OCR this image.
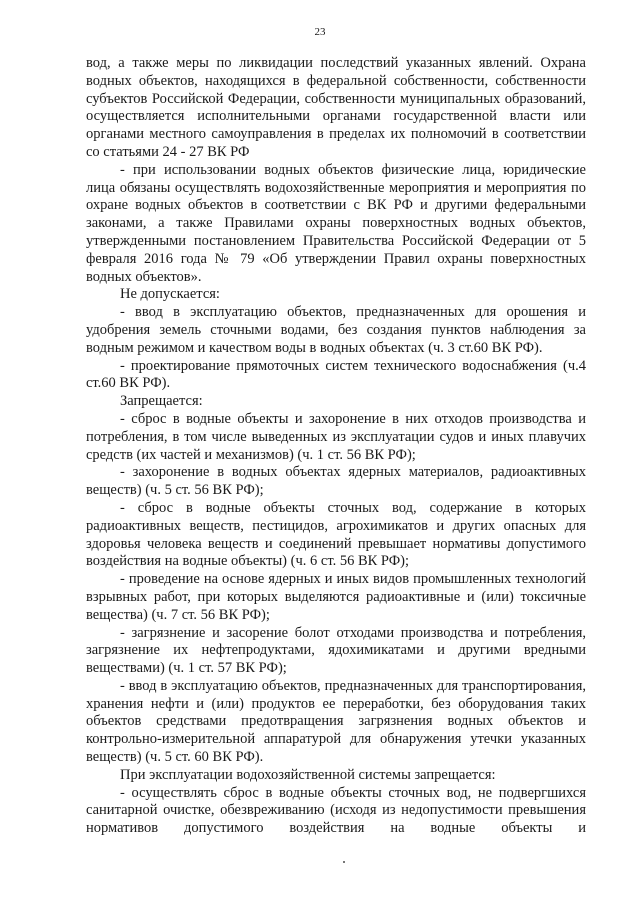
23

вод, а также меры по ликвидации последствий указанных явлений. Охрана водных объектов, находящихся в федеральной собственности, собственности субъектов Российской Федерации, собственности муниципальных образований, осуществляется исполнительными органами государственной власти или органами местного самоуправления в пределах их полномочий в соответствии со статьями 24 - 27 ВК РФ

- при использовании водных объектов физические лица, юридические лица обязаны осуществлять водохозяйственные мероприятия и мероприятия по охране водных объектов в соответствии с ВК РФ и другими федеральными законами, а также Правилами охраны поверхностных водных объектов, утвержденными постановлением Правительства Российской Федерации от 5 февраля 2016 года № 79 «Об утверждении Правил охраны поверхностных водных объектов».

Не допускается:

- ввод в эксплуатацию объектов, предназначенных для орошения и удобрения земель сточными водами, без создания пунктов наблюдения за водным режимом и качеством воды в водных объектах (ч. 3 ст.60 ВК РФ).

- проектирование прямоточных систем технического водоснабжения (ч.4 ст.60 ВК РФ).

Запрещается:

- сброс в водные объекты и захоронение в них отходов производства и потребления, в том числе выведенных из эксплуатации судов и иных плавучих средств (их частей и механизмов) (ч. 1 ст. 56 ВК РФ);

- захоронение в водных объектах ядерных материалов, радиоактивных веществ) (ч. 5 ст. 56 ВК РФ);

- сброс в водные объекты сточных вод, содержание в которых радиоактивных веществ, пестицидов, агрохимикатов и других опасных для здоровья человека веществ и соединений превышает нормативы допустимого воздействия на водные объекты) (ч. 6 ст. 56 ВК РФ);

- проведение на основе ядерных и иных видов промышленных технологий взрывных работ, при которых выделяются радиоактивные и (или) токсичные вещества) (ч. 7 ст. 56 ВК РФ);

- загрязнение и засорение болот отходами производства и потребления, загрязнение их нефтепродуктами, ядохимикатами и другими вредными веществами) (ч. 1 ст. 57 ВК РФ);

- ввод в эксплуатацию объектов, предназначенных для транспортирования, хранения нефти и (или) продуктов ее переработки, без оборудования таких объектов средствами предотвращения загрязнения водных объектов и контрольно-измерительной аппаратурой для обнаружения утечки указанных веществ) (ч. 5 ст. 60 ВК РФ).

При эксплуатации водохозяйственной системы запрещается:

- осуществлять сброс в водные объекты сточных вод, не подвергшихся санитарной очистке, обезвреживанию (исходя из недопустимости превышения нормативов допустимого воздействия на водные объекты и
